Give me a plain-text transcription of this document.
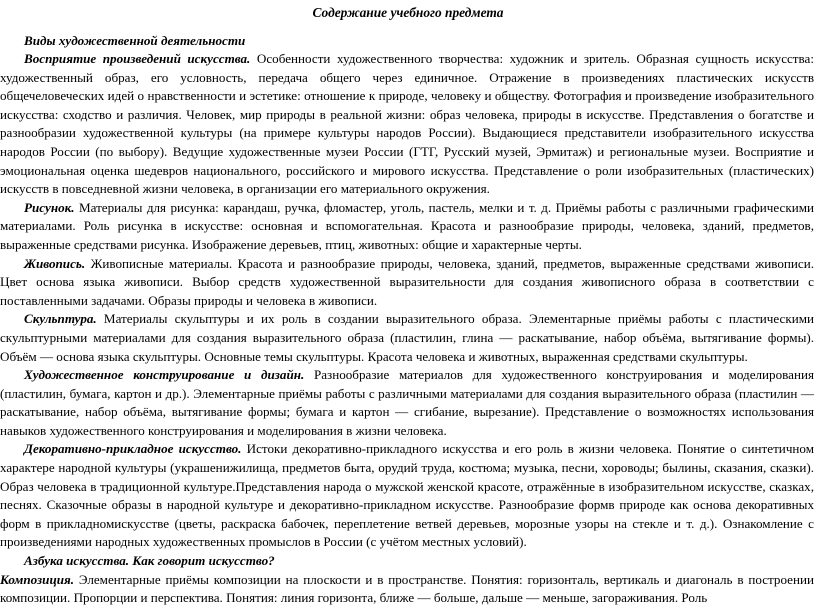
Содержание учебного предмета
Виды художественной деятельности

Восприятие произведений искусства. Особенности художественного творчества: художник и зритель. Образная сущность искусства: художественный образ, его условность, передача общего через единичное. Отражение в произведениях пластических искусств общечеловеческих идей о нравственности и эстетике: отношение к природе, человеку и обществу. Фотография и произведение изобразительного искусства: сходство и различия. Человек, мир природы в реальной жизни: образ человека, природы в искусстве. Представления о богатстве и разнообразии художественной культуры (на примере культуры народов России). Выдающиеся представители изобразительного искусства народов России (по выбору). Ведущие художественные музеи России (ГТГ, Русский музей, Эрмитаж) и региональные музеи. Восприятие и эмоциональная оценка шедевров национального, российского и мирового искусства. Представление о роли изобразительных (пластических) искусств в повседневной жизни человека, в организации его материального окружения.

Рисунок. Материалы для рисунка: карандаш, ручка, фломастер, уголь, пастель, мелки и т. д. Приёмы работы с различными графическими материалами. Роль рисунка в искусстве: основная и вспомогательная. Красота и разнообразие природы, человека, зданий, предметов, выраженные средствами рисунка. Изображение деревьев, птиц, животных: общие и характерные черты.

Живопись. Живописные материалы. Красота и разнообразие природы, человека, зданий, предметов, выраженные средствами живописи. Цвет основа языка живописи. Выбор средств художественной выразительности для создания живописного образа в соответствии с поставленными задачами. Образы природы и человека в живописи.

Скульптура. Материалы скульптуры и их роль в создании выразительного образа. Элементарные приёмы работы с пластическими скульптурными материалами для создания выразительного образа (пластилин, глина — раскатывание, набор объёма, вытягивание формы). Объём — основа языка скульптуры. Основные темы скульптуры. Красота человека и животных, выраженная средствами скульптуры.

Художественное конструирование и дизайн. Разнообразие материалов для художественного конструирования и моделирования (пластилин, бумага, картон и др.). Элементарные приёмы работы с различными материалами для создания выразительного образа (пластилин — раскатывание, набор объёма, вытягивание формы; бумага и картон — сгибание, вырезание). Представление о возможностях использования навыков художественного конструирования и моделирования в жизни человека.

Декоративно-прикладное искусство. Истоки декоративно-прикладного искусства и его роль в жизни человека. Понятие о синтетичном характере народной культуры (украшенижилища, предметов быта, орудий труда, костюма; музыка, песни, хороводы; былины, сказания, сказки). Образ человека в традиционной культуре.Представления народа о мужской женской красоте, отражённые в изобразительном искусстве, сказках, песнях. Сказочные образы в народной культуре и декоративно-прикладном искусстве. Разнообразие формв природе как основа декоративных форм в прикладномискусстве (цветы, раскраска бабочек, переплетение ветвей деревьев, морозные узоры на стекле и т. д.). Ознакомление с произведениями народных художественных промыслов в России (с учётом местных условий).

Азбука искусства. Как говорит искусство?

Композиция. Элементарные приёмы композиции на плоскости и в пространстве. Понятия: горизонталь, вертикаль и диагональ в построении композиции. Пропорции и перспектива. Понятия: линия горизонта, ближе — больше, дальше — меньше, загораживания. Роль
